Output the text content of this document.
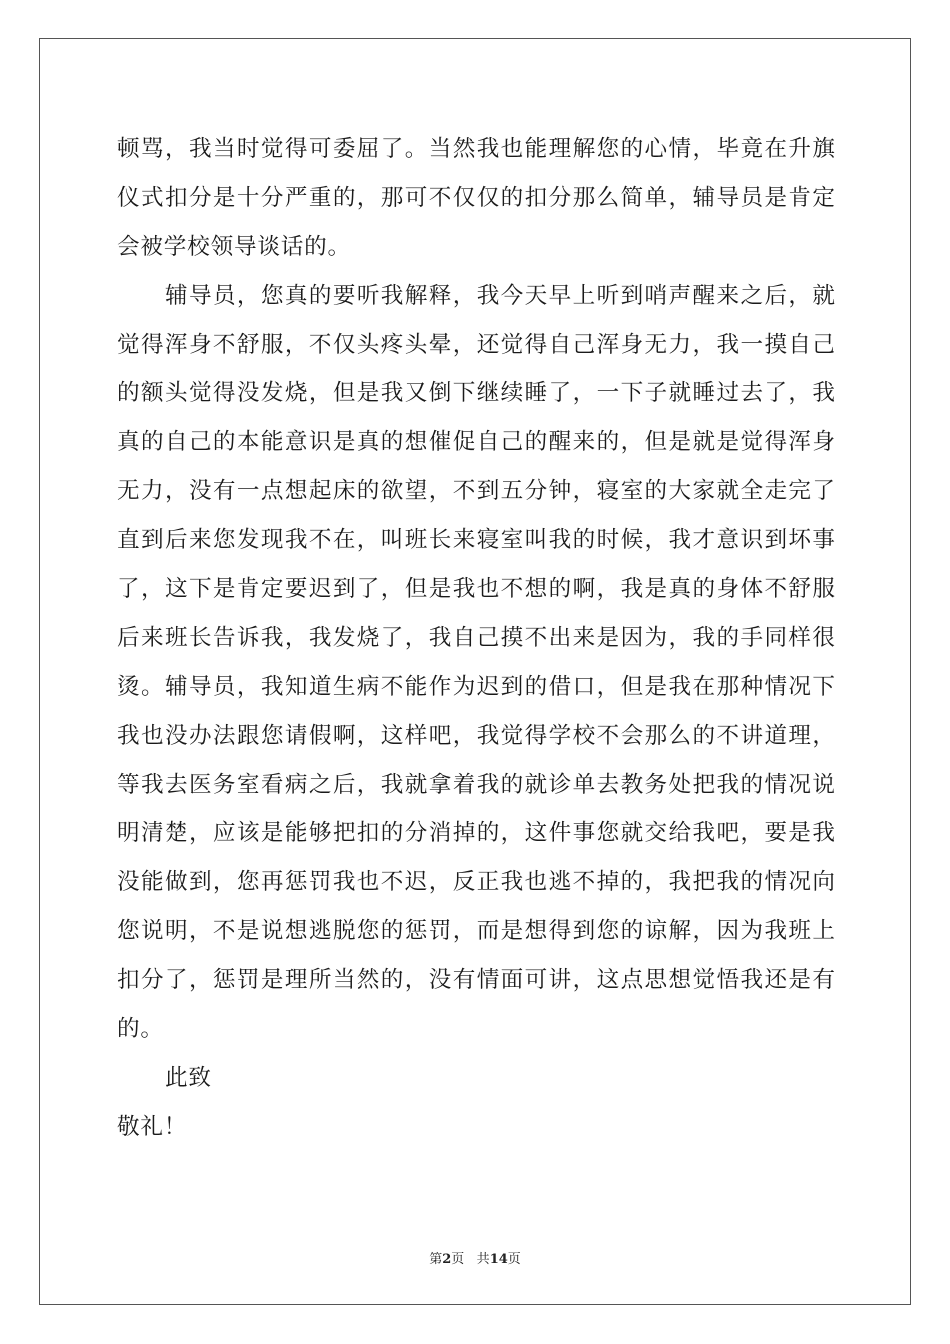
顿骂，我当时觉得可委屈了。当然我也能理解您的心情，毕竟在升旗
仪式扣分是十分严重的，那可不仅仅的扣分那么简单，辅导员是肯定
会被学校领导谈话的。
辅导员，您真的要听我解释，我今天早上听到哨声醒来之后，就
觉得浑身不舒服，不仅头疼头晕，还觉得自己浑身无力，我一摸自己
的额头觉得没发烧，但是我又倒下继续睡了，一下子就睡过去了，我
真的自己的本能意识是真的想催促自己的醒来的，但是就是觉得浑身
无力，没有一点想起床的欲望，不到五分钟，寝室的大家就全走完了
直到后来您发现我不在，叫班长来寝室叫我的时候，我才意识到坏事
了，这下是肯定要迟到了，但是我也不想的啊，我是真的身体不舒服
后来班长告诉我，我发烧了，我自己摸不出来是因为，我的手同样很
烫。辅导员，我知道生病不能作为迟到的借口，但是我在那种情况下
我也没办法跟您请假啊，这样吧，我觉得学校不会那么的不讲道理，
等我去医务室看病之后，我就拿着我的就诊单去教务处把我的情况说
明清楚，应该是能够把扣的分消掉的，这件事您就交给我吧，要是我
没能做到，您再惩罚我也不迟，反正我也逃不掉的，我把我的情况向
您说明，不是说想逃脱您的惩罚，而是想得到您的谅解，因为我班上
扣分了，惩罚是理所当然的，没有情面可讲，这点思想觉悟我还是有
的。
此致
敬礼！
第2页 共14页
